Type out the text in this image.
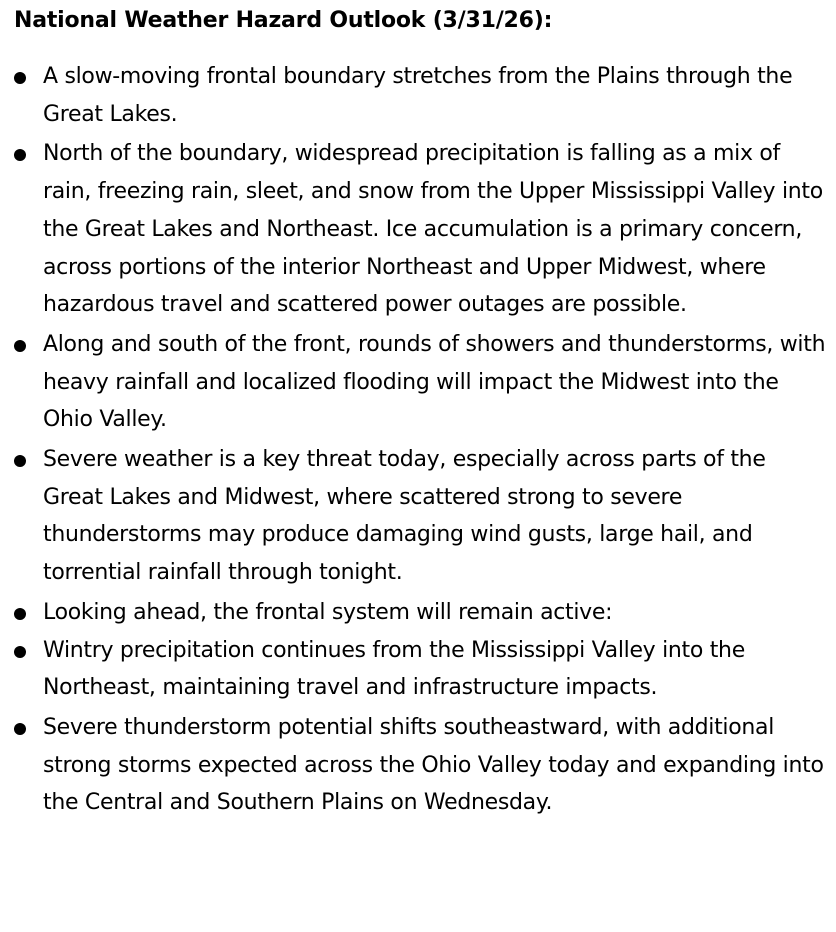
National Weather Hazard Outlook (3/31/26):
A slow-moving frontal boundary stretches from the Plains through the Great Lakes.
North of the boundary, widespread precipitation is falling as a mix of rain, freezing rain, sleet, and snow from the Upper Mississippi Valley into the Great Lakes and Northeast. Ice accumulation is a primary concern, across portions of the interior Northeast and Upper Midwest, where hazardous travel and scattered power outages are possible.
Along and south of the front, rounds of showers and thunderstorms, with heavy rainfall and localized flooding will impact the Midwest into the Ohio Valley.
Severe weather is a key threat today, especially across parts of the Great Lakes and Midwest, where scattered strong to severe thunderstorms may produce damaging wind gusts, large hail, and torrential rainfall through tonight.
Looking ahead, the frontal system will remain active:
Wintry precipitation continues from the Mississippi Valley into the Northeast, maintaining travel and infrastructure impacts.
Severe thunderstorm potential shifts southeastward, with additional strong storms expected across the Ohio Valley today and expanding into the Central and Southern Plains on Wednesday.
